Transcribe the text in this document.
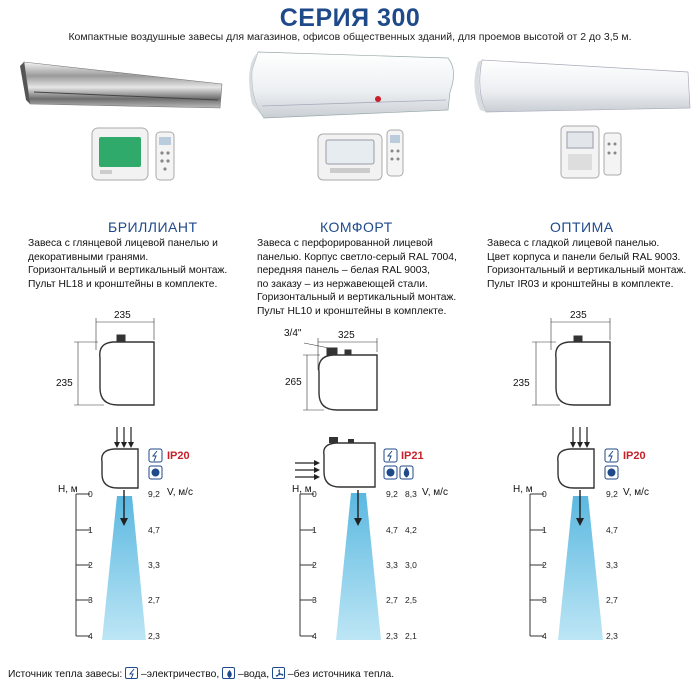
СЕРИЯ 300
Компактные воздушные завесы для магазинов, офисов общественных зданий, для проемов высотой от 2 до 3,5 м.
БРИЛЛИАНТ	КОМФОРТ	ОПТИМА
Завеса с глянцевой лицевой панелью и
декоративными гранями.
Горизонтальный и вертикальный монтаж.
Пульт HL18 и кронштейны в комплекте.
Завеса с перфорированной лицевой
панелью. Корпус светло-серый RAL 7004,
передняя панель – белая RAL 9003,
по заказу – из нержавеющей стали.
Горизонтальный и вертикальный монтаж.
Пульт HL10 и кронштейны в комплекте.
Завеса с гладкой лицевой панелью.
Цвет корпуса и панели белый RAL 9003.
Горизонтальный и вертикальный монтаж.
Пульт IR03 и кронштейны в комплекте.
235
235
3/4"	325
265
235
235
IP20	IP21	IP20
H, м	V, м/с	H, м	V, м/с	H, м	V, м/с
0
1
2
3
4
0
1
2
3
4
0
1
2
3
4
9,2
4,7
3,3
2,7
2,3
9,2 8,3
4,7 4,2
3,3 3,0
2,7 2,5
2,3 2,1
9,2
4,7
3,3
2,7
2,3
Источник тепла завесы: –электричество, –вода, –без источника тепла.
